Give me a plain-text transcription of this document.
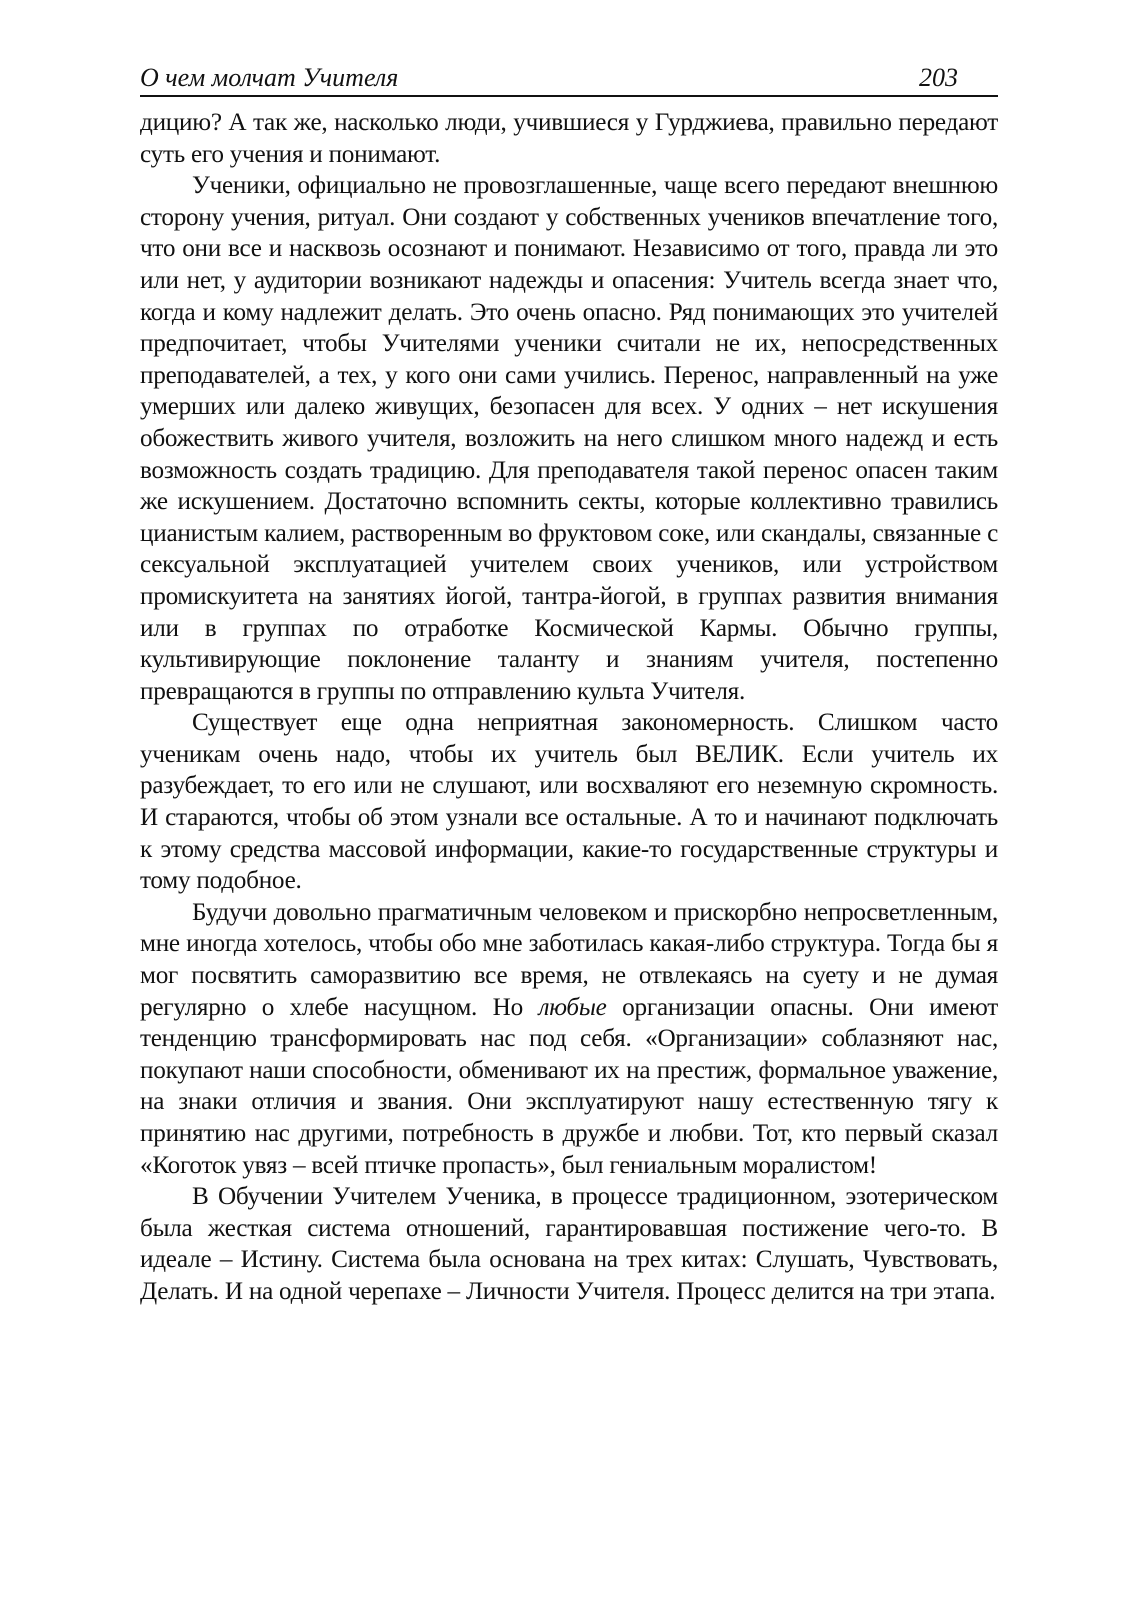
О чем молчат Учителя	203

дицию? А так же, насколько люди, учившиеся у Гурджиева, правильно передают суть его учения и понимают.

Ученики, официально не провозглашенные, чаще всего передают внешнюю сторону учения, ритуал. Они создают у собственных учеников впечатление того, что они все и насквозь осознают и понимают. Независимо от того, правда ли это или нет, у аудитории возникают надежды и опасения: Учитель всегда знает что, когда и кому надлежит делать. Это очень опасно. Ряд понимающих это учителей предпочитает, чтобы Учителями ученики считали не их, непосредственных преподавателей, а тех, у кого они сами учились. Перенос, направленный на уже умерших или далеко живущих, безопасен для всех. У одних – нет искушения обожествить живого учителя, возложить на него слишком много надежд и есть возможность создать традицию. Для преподавателя такой перенос опасен таким же искушением. Достаточно вспомнить секты, которые коллективно травились цианистым калием, растворенным во фруктовом соке, или скандалы, связанные с сексуальной эксплуатацией учителем своих учеников, или устройством промискуитета на занятиях йогой, тантра-йогой, в группах развития внимания или в группах по отработке Космической Кармы. Обычно группы, культивирующие поклонение таланту и знаниям учителя, постепенно превращаются в группы по отправлению культа Учителя.

Существует еще одна неприятная закономерность. Слишком часто ученикам очень надо, чтобы их учитель был ВЕЛИК. Если учитель их разубеждает, то его или не слушают, или восхваляют его неземную скромность. И стараются, чтобы об этом узнали все остальные. А то и начинают подключать к этому средства массовой информации, какие-то государственные структуры и тому подобное.

Будучи довольно прагматичным человеком и прискорбно непросветленным, мне иногда хотелось, чтобы обо мне заботилась какая-либо структура. Тогда бы я мог посвятить саморазвитию все время, не отвлекаясь на суету и не думая регулярно о хлебе насущном. Но любые организации опасны. Они имеют тенденцию трансформировать нас под себя. «Организации» соблазняют нас, покупают наши способности, обменивают их на престиж, формальное уважение, на знаки отличия и звания. Они эксплуатируют нашу естественную тягу к принятию нас другими, потребность в дружбе и любви. Тот, кто первый сказал «Коготок увяз – всей птичке пропасть», был гениальным моралистом!

В Обучении Учителем Ученика, в процессе традиционном, эзотерическом была жесткая система отношений, гарантировавшая постижение чего-то. В идеале – Истину. Система была основана на трех китах: Слушать, Чувствовать, Делать. И на одной черепахе – Личности Учителя. Процесс делится на три этапа.
